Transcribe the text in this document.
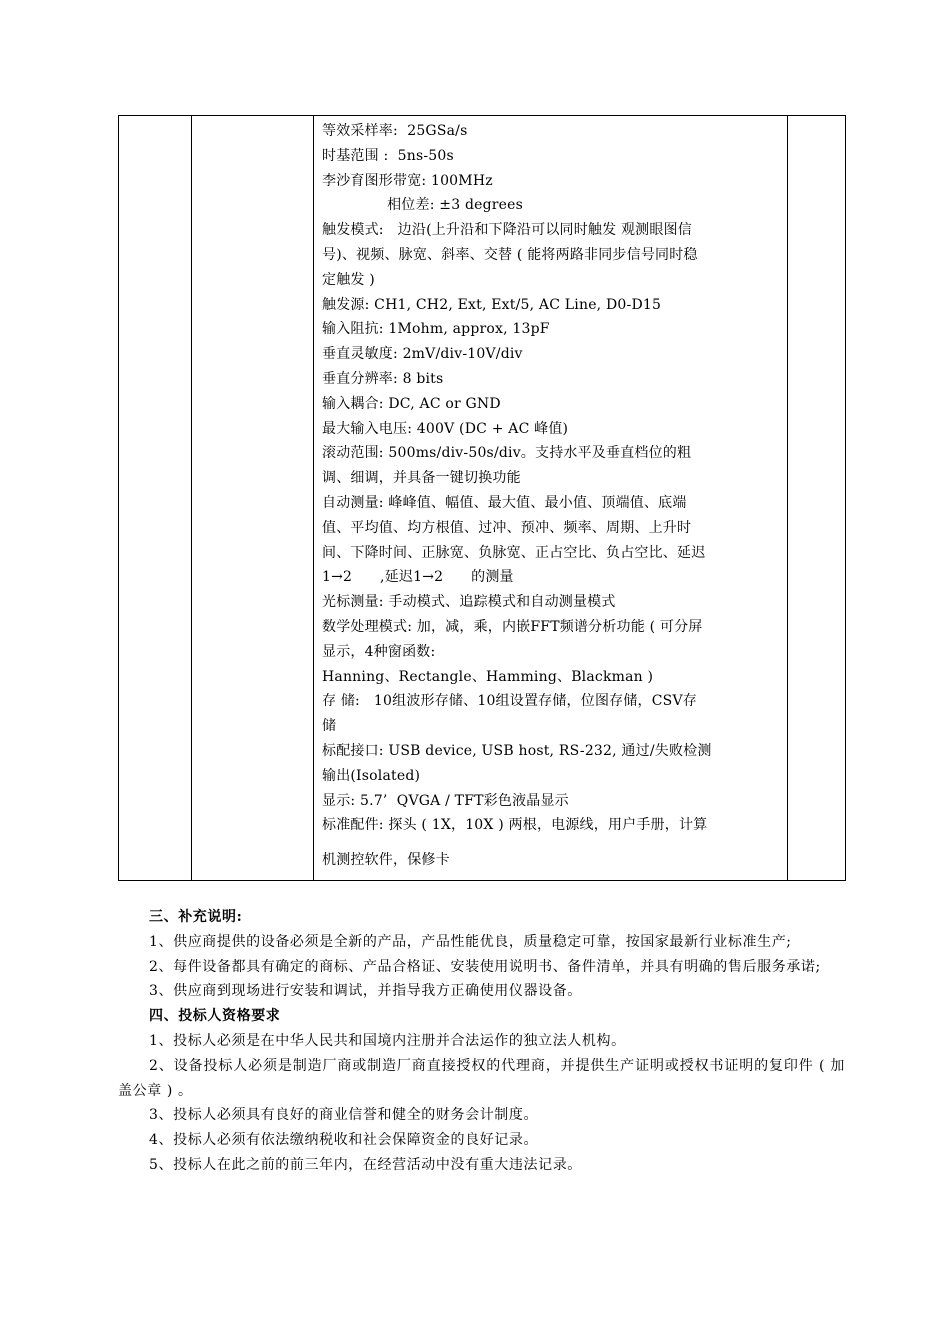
等效采样率:  25GSa/s
时基范围 :  5ns-50s
李沙育图形带宽: 100MHz
相位差: ±3 degrees
触发模式:   边沿(上升沿和下降沿可以同时触发 观测眼图信
号)、视频、脉宽、斜率、交替 ( 能将两路非同步信号同时稳
定触发 )
触发源: CH1, CH2, Ext, Ext/5, AC Line, D0-D15
输入阻抗: 1Mohm, approx, 13pF
垂直灵敏度: 2mV/div-10V/div
垂直分辨率: 8 bits
输入耦合: DC, AC or GND
最大输入电压: 400V (DC + AC 峰值)
滚动范围: 500ms/div-50s/div。支持水平及垂直档位的粗
调、细调，并具备一键切换功能
自动测量: 峰峰值、幅值、最大值、最小值、顶端值、底端
值、平均值、均方根值、过冲、预冲、频率、周期、上升时
间、下降时间、正脉宽、负脉宽、正占空比、负占空比、延迟
1→2      ,延迟1→2      的测量
光标测量: 手动模式、追踪模式和自动测量模式
数学处理模式: 加，减，乘，内嵌FFT频谱分析功能 ( 可分屏
显示，4种窗函数:
Hanning、Rectangle、Hamming、Blackman )
存 储:   10组波形存储、10组设置存储，位图存储，CSV存
储
标配接口: USB device, USB host, RS-232, 通过/失败检测
输出(Isolated)
显示: 5.7’  QVGA / TFT彩色液晶显示
标准配件: 探头 ( 1X，10X ) 两根，电源线，用户手册，计算
机测控软件，保修卡

三、补充说明:
1、供应商提供的设备必须是全新的产品，产品性能优良，质量稳定可靠，按国家最新行业标准生产;
2、每件设备都具有确定的商标、产品合格证、安装使用说明书、备件清单，并具有明确的售后服务承诺;
3、供应商到现场进行安装和调试，并指导我方正确使用仪器设备。
四、投标人资格要求
1、投标人必须是在中华人民共和国境内注册并合法运作的独立法人机构。
2、设备投标人必须是制造厂商或制造厂商直接授权的代理商，并提供生产证明或授权书证明的复印件 ( 加盖公章 ) 。
3、投标人必须具有良好的商业信誉和健全的财务会计制度。
4、投标人必须有依法缴纳税收和社会保障资金的良好记录。
5、投标人在此之前的前三年内，在经营活动中没有重大违法记录。
